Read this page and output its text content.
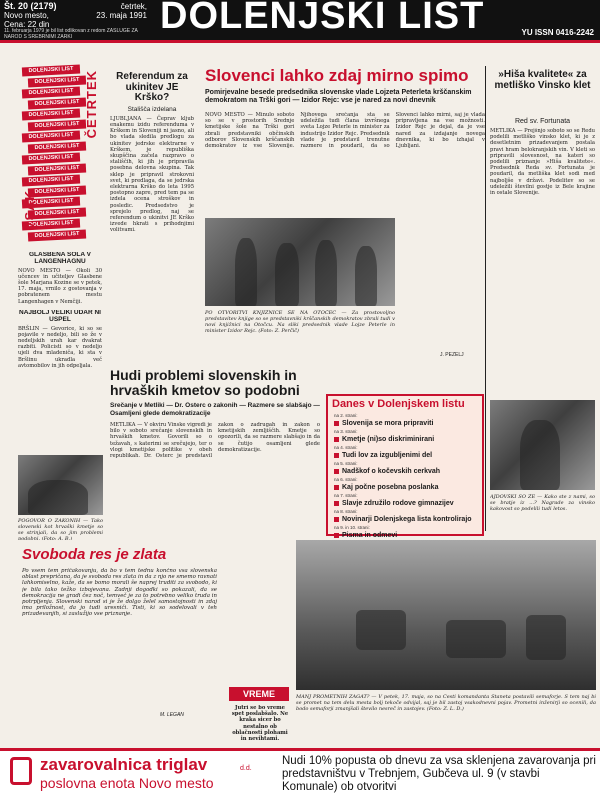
Št. 20 (2179)
Novo mesto,
Cena: 22 din
četrtek,
23. maja 1991
11. februarja 1979 je bil list odlikovan z redom ZASLUGE ZA NAROD S SREBRNIMI ZARKI	DOLENJSKI LIST	YU ISSN 0416-2242
DOLENJSKI LIST
DOLENJSKI LIST
DOLENJSKI LIST
DOLENJSKI LIST
DOLENJSKI LIST
DOLENJSKI LIST
DOLENJSKI LIST
DOLENJSKI LIST
DOLENJSKI LIST
DOLENJSKI LIST
DOLENJSKI LIST
DOLENJSKI LIST
DOLENJSKI LIST
DOLENJSKI LIST
DOLENJSKI LIST
DOLENJSKI LIST
VSAK
ČETRTEK
GLASBENA ŠOLA V LANGENHAGNU
NOVO MESTO — Okoli 30 učencev in učiteljev Glasbene šole Marjana Kozine se v petek, 17. maja, vrnilo z gostovanja v pobratenem mestu Langenhagen v Nemčiji.
NAJBOLJ VELIKI UDAR NI USPEL
BRŠLIN — Gevorice, ki so se pojavile v nedeljo, bili so že v nedeljskih urah kar dvakrat razbiti. Policisti so v nedeljo ujeli dva mladeniča, ki sta v Bršlinu ukradla več avtomobilov in jih odpeljala.
Referendum za ukinitev JE Krško?
Stališča izdelana
LJUBLJANA — Čeprav kljub enakemu izidu referenduma v Krškem in Sloveniji ni jasno, ali bo vlada sledila predlogu za ukinitev jedrske elektrarne v Krškem, je republiška skupščina začela razpravo o stališčih, ki jih je pripravila posebna delovna skupina. Tak sklep je pripravil strokovni svet, ki predlaga, da se jedrska elektrarna Krško do leta 1995 postopno zapre, pred tem pa se izdela ocena stroškov in posledic. Predsedstvo je sprejelo predlog, naj se referendum o ukinitvi JE Krško izvede hkrati s prihodnjimi volitvami.
Slovenci lahko zdaj mirno spimo
Pomirjevalne besede predsednika slovenske vlade Lojzeta Peterleta krščanskim demokratom na Trški gori — Izidor Rejc: vse je nared za novi dnevnik
NOVO MESTO — Minulo soboto so se v prostorih Srednje kmetijske šole na Trški gori zbrali predstavniki občinskih odborov Slovenskih krščanskih demokratov iz vse Slovenije. Njihovega srečanja sta se udeležila tudi člana izvršnega sveta Lojze Peterle in minister za industrijo Izidor Rejc. Predsednik vlade je predstavil trenutne razmere in poudaril, da so Slovenci lahko mirni, saj je vlada pripravljena na vse možnosti. Izidor Rejc je dejal, da je vse nared za izdajanje novega dnevnika, ki bo izhajal v Ljubljani.
PO OTVORITVI KNJIŽNICE ŠE NA OTOČEC — Za prostovoljno predstavitev knjige so se predstavniki krščanskih demokratov zbrali tudi v novi knjižnici na Otočcu. Na sliki predsednik vlade Lojze Peterle in minister Izidor Rejc. (Foto: Z. Perčič)
J. PEZELJ
»Hiša kvalitete« za metliško Vinsko klet
Red sv. Fortunata
METLIKA — Prejšnjo soboto so se Redu podelili metliško vinsko klet, ki je z desetletnim prizadevanjem postala pravi hram belokranjskih vin. V kleti so pripravili slovesnost, na kateri so podelili priznanje »Hiša kvalitete«. Predsednik Reda sv. Fortunata je poudaril, da metliška klet sodi med najboljše v državi. Podelitev so se udeležili številni gostje iz Bele krajine in ostale Slovenije.
AJDOVŠKI SO ŽE — Kako ste z nami, so se bratje iz ...? Nagrade za vinsko kakovost so podelili tudi letos.
Hudi problemi slovenskih in hrvaških kmetov so podobni
Srečanje v Metliki — Dr. Osterc o zakonih — Razmere se slabšajo — Osamljeni glede demokratizacije
METLIKA — V okviru Vinske vigredi je bilo v soboto srečanje slovenskih in hrvaških kmetov. Govorili so o težavah, s katerimi se srečujejo, ter o vlogi kmetijske politike v obeh republikah. Dr. Osterc je predstavil zakon o zadrugah in zakon o kmetijskih zemljiščih. Kmetje so opozorili, da se razmere slabšajo in da se čutijo osamljeni glede demokratizacije.
POGOVOR O ZAKONIH — Tako slovenski kot hrvaški kmetje so se strinjali, da so jim problemi podobni. (Foto: A. B.)
Danes v Dolenjskem listu
na 2. strani:
Slovenija se mora pripraviti
na 3. strani:
Kmetje (ni)so diskriminirani
na 4. strani:
Tudi lov za izgubljenimi del
na 5. strani:
Nadškof o kočevskih cerkvah
na 6. strani:
Kaj počne posebna poslanka
na 7. strani:
Slavje združilo rodove gimnazijev
na 8. strani:
Novinarji Dolenjskega lista kontrolirajo
na 9. in 10. strani:
Pisma in odmevi
Svoboda res je zlata
Po vsem tem pričakovanju, da bo v tem tednu končno vsa slovenska oblast prepričana, da je svoboda res zlata in da z njo ne smemo ravnati lahkomiselno, kaže, da se bomo morali še naprej truditi za svobodo, ki je bila tako težko izbojevana. Zadnji dogodki so pokazali, da se demokracija ne gradi čez noč, temveč je za to potrebno veliko truda in potrpljenja. Slovenski narod si je že dolgo želel samostojnosti in zdaj ima priložnost, da jo tudi uresniči. Tisti, ki so sodelovali v teh prizadevanjih, si zaslužijo vse priznanje.
M. LEGAN
MANJ PROMETNIH ZAGAT? — V petek, 17. maja, so na Cesti komandanta Staneta postavili semaforje. S tem naj bi se promet na tem delu mesta bolj tekoče odvijal, saj je bil zastoj vsakodnevni pojav. Prometni inženirji so ocenili, da bodo semaforji zmanjšali število nesreč in zastojev. (Foto: Z. L. D.)
VREME
Jutri se bo vreme spet poslabšalo. Ne kraka sicer bo nestalno ob oblačnosti plohami in nevihtami.
zavarovalnica triglav	d.d.
poslovna enota Novo mesto
Nudi 10% popusta ob dnevu za vsa sklenjena zavarovanja pri predstavništvu v Trebnjem, Gubčeva ul. 9 (v stavbi Komunale) ob otvoritvi
